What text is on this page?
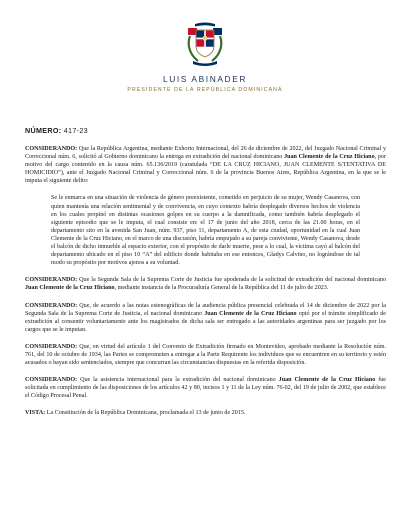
LUIS ABINADER
PRESIDENTE DE LA REPÚBLICA DOMINICANA
NÚMERO: 417-23

CONSIDERANDO: Que la República Argentina, mediante Exhorto Internacional, del 26 de diciembre de 2022, del Juzgado Nacional Criminal y Correccional núm. 6, solicitó al Gobierno dominicano la entrega en extradición del nacional dominicano Juan Clemente de la Cruz Hiciano, por motivo del cargo contenido en la causa núm. 65.136/2019 (caratulada “DE LA CRUZ HICIANO, JUAN CLEMENTE S/TENTATIVA DE HOMICIDIO”), ante el Juzgado Nacional Criminal y Correccional núm. 6 de la provincia Buenos Aires, República Argentina, en la que se le imputa el siguiente delito:

Se le enmarca en una situación de violencia de género preexistente, cometido en perjuicio de su mujer, Wendy Casanova, con quien mantenía una relación sentimental y de convivencia, en cuyo contexto habría desplegado diversos hechos de violencia en los cuales propinó en distintas ocasiones golpes en su cuerpo a la damnificada, como también habría desplegado el siguiente episodio que se le imputa, el cual consiste en: el 17 de junio del año 2018, cerca de las 21.00 horas, en el departamento sito en la avenida San Juan, núm. 937, piso 11, departamento A, de esta ciudad, oportunidad en la cual Juan Clemente de la Cruz Hiciano, en el marco de una discusión, habría empujado a su pareja conviviente, Wendy Casanova, desde el balcón de dicho inmueble al espacio exterior, con el propósito de darle muerte, pese a lo cual, la víctima cayó al balcón del departamento ubicado en el piso 10 “A” del edificio donde habitaba en ese entonces, Gladys Calvino, no lográndose de tal modo su propósito por motivos ajenos a su voluntad.

CONSIDERANDO: Que la Segunda Sala de la Suprema Corte de Justicia fue apoderada de la solicitud de extradición del nacional dominicano Juan Clemente de la Cruz Hiciano, mediante instancia de la Procuraduría General de la República del 11 de julio de 2023.

CONSIDERANDO: Que, de acuerdo a las notas estenográficas de la audiencia pública presencial celebrada el 14 de diciembre de 2022 por la Segunda Sala de la Suprema Corte de Justicia, el nacional dominicano Juan Clemente de la Cruz Hiciano optó por el trámite simplificado de extradición al consentir voluntariamente ante los magistrados de dicha sala ser entregado a las autoridades argentinas para ser juzgado por los cargos que se le imputan.

CONSIDERANDO: Que, en virtud del artículo 1 del Convenio de Extradición firmado en Montevideo, aprobado mediante la Resolución núm. 761, del 10 de octubre de 1934, las Partes se comprometen a entregar a la Parte Requirente los individuos que se encuentren en su territorio y estén acusados o hayan sido sentenciados, siempre que concurran las circunstancias dispuestas en la referida disposición.

CONSIDERANDO: Que la asistencia internacional para la extradición del nacional dominicano Juan Clemente de la Cruz Hiciano fue solicitada en cumplimiento de las disposiciones de los artículos 42 y 80, incisos 1 y 11 de la Ley núm. 76-02, del 19 de julio de 2002, que establece el Código Procesal Penal.

VISTA: La Constitución de la República Dominicana, proclamada el 13 de junio de 2015.
